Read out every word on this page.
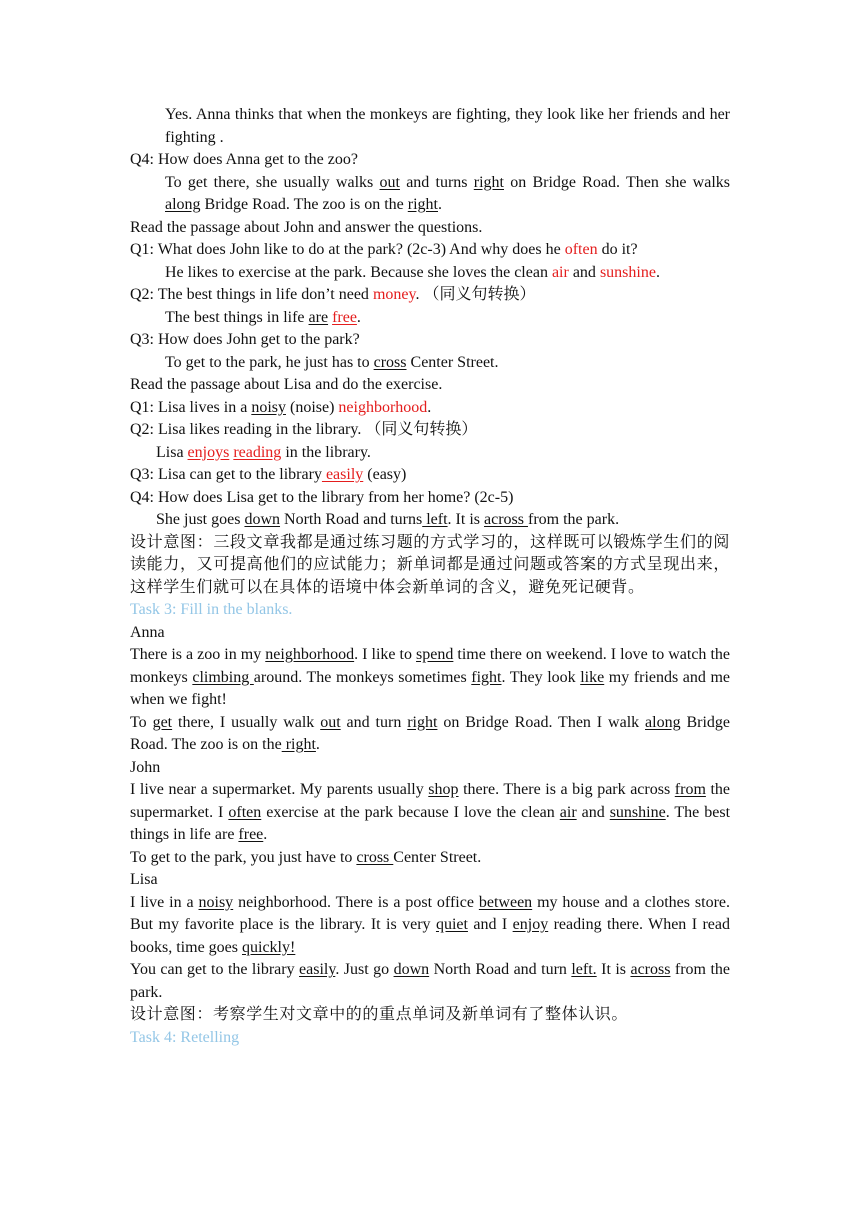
Yes. Anna thinks that when the monkeys are fighting, they look like her friends and her fighting .
Q4: How does Anna get to the zoo?
To get there, she usually walks out and turns right on Bridge Road. Then she walks along Bridge Road. The zoo is on the right.
Read the passage about John and answer the questions.
Q1: What does John like to do at the park? (2c-3) And why does he often do it?
He likes to exercise at the park. Because she loves the clean air and sunshine.
Q2: The best things in life don’t need money. （同义句转换）
The best things in life are free.
Q3: How does John get to the park?
To get to the park, he just has to cross Center Street.
Read the passage about Lisa and do the exercise.
Q1: Lisa lives in a noisy (noise) neighborhood.
Q2: Lisa likes reading in the library. （同义句转换）
Lisa enjoys reading in the library.
Q3: Lisa can get to the library easily (easy)
Q4: How does Lisa get to the library from her home? (2c-5)
She just goes down North Road and turns left. It is across from the park.
设计意图：三段文章我都是通过练习题的方式学习的，这样既可以锻炼学生们的阅读能力，又可提高他们的应试能力；新单词都是通过问题或答案的方式呈现出来，这样学生们就可以在具体的语境中体会新单词的含义，避免死记硬背。
Task 3: Fill in the blanks.
Anna
There is a zoo in my neighborhood. I like to spend time there on weekend. I love to watch the monkeys climbing around. The monkeys sometimes fight. They look like my friends and me when we fight!
To get there, I usually walk out and turn right on Bridge Road. Then I walk along Bridge Road. The zoo is on the right.
John
I live near a supermarket. My parents usually shop there. There is a big park across from the supermarket. I often exercise at the park because I love the clean air and sunshine. The best things in life are free.
To get to the park, you just have to cross Center Street.
Lisa
I live in a noisy neighborhood. There is a post office between my house and a clothes store. But my favorite place is the library. It is very quiet and I enjoy reading there. When I read books, time goes quickly!
You can get to the library easily. Just go down North Road and turn left. It is across from the park.
设计意图：考察学生对文章中的的重点单词及新单词有了整体认识。
Task 4: Retelling
